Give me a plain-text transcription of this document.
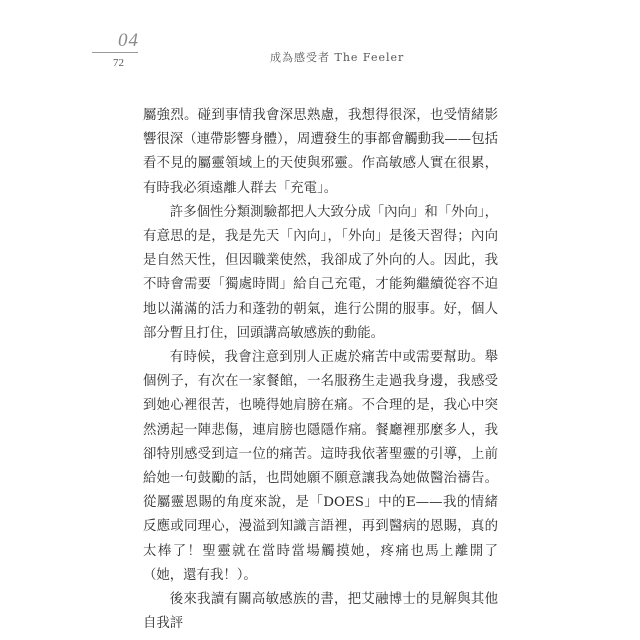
04
72	成為感受者 The Feeler

屬強烈。碰到事情我會深思熟慮，我想得很深，也受情緒影響很深（連帶影響身體），周遭發生的事都會觸動我——包括看不見的屬靈領域上的天使與邪靈。作高敏感人實在很累，有時我必須遠離人群去「充電」。

許多個性分類測驗都把人大致分成「內向」和「外向」，有意思的是，我是先天「內向」，「外向」是後天習得；內向是自然天性，但因職業使然，我卻成了外向的人。因此，我不時會需要「獨處時間」給自己充電，才能夠繼續從容不迫地以滿滿的活力和蓬勃的朝氣，進行公開的服事。好，個人部分暫且打住，回頭講高敏感族的動能。

有時候，我會注意到別人正處於痛苦中或需要幫助。舉個例子，有次在一家餐館，一名服務生走過我身邊，我感受到她心裡很苦，也曉得她肩膀在痛。不合理的是，我心中突然湧起一陣悲傷，連肩膀也隱隱作痛。餐廳裡那麼多人，我卻特別感受到這一位的痛苦。這時我依著聖靈的引導，上前給她一句鼓勵的話，也問她願不願意讓我為她做醫治禱告。從屬靈恩賜的角度來說，是「DOES」中的E——我的情緒反應或同理心，漫溢到知識言語裡，再到醫病的恩賜，真的太棒了！聖靈就在當時當場觸摸她，疼痛也馬上離開了（她，還有我！）。

後來我讀有關高敏感族的書，把艾融博士的見解與其他自我評
